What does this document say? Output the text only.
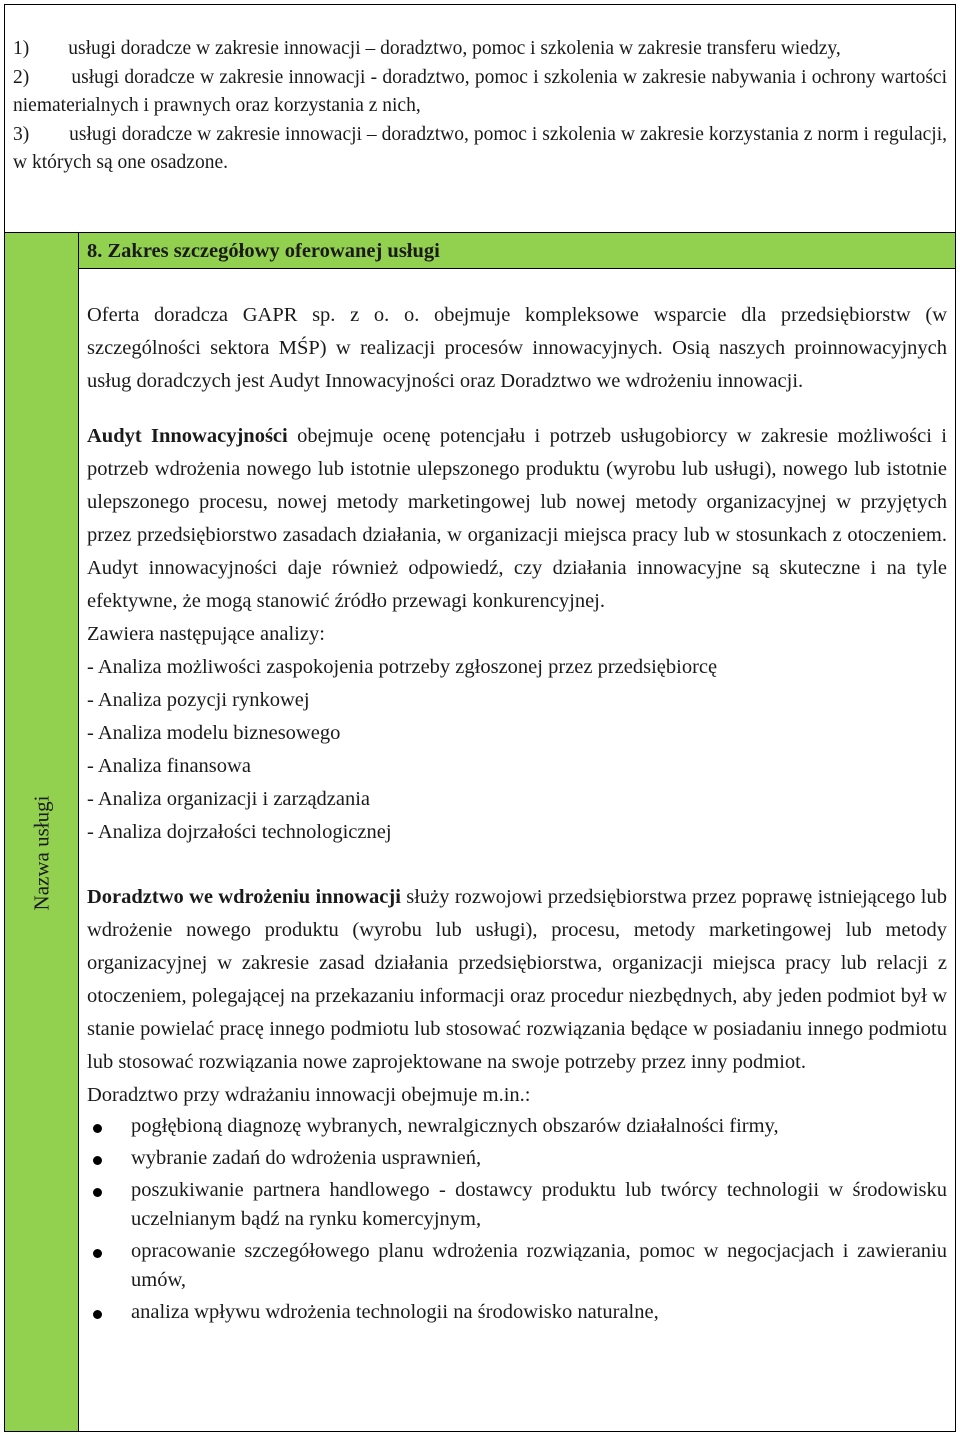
1)        usługi doradcze w zakresie innowacji – doradztwo, pomoc i szkolenia w zakresie transferu wiedzy,

2)        usługi doradcze w zakresie innowacji - doradztwo, pomoc i szkolenia w zakresie nabywania i ochrony wartości niematerialnych i prawnych oraz korzystania z nich,

3)        usługi doradcze w zakresie innowacji – doradztwo, pomoc i szkolenia w zakresie korzystania z norm i regulacji, w których są one osadzone.

Nazwa usługi
8. Zakres szczegółowy oferowanej usługi

Oferta doradcza GAPR sp. z o. o. obejmuje kompleksowe wsparcie dla przedsiębiorstw (w szczególności sektora MŚP) w realizacji procesów innowacyjnych. Osią naszych proinnowacyjnych usług doradczych jest Audyt Innowacyjności oraz Doradztwo we wdrożeniu innowacji.

Audyt Innowacyjności obejmuje ocenę potencjału i potrzeb usługobiorcy w zakresie możliwości i potrzeb wdrożenia nowego lub istotnie ulepszonego produktu (wyrobu lub usługi), nowego lub istotnie ulepszonego procesu, nowej metody marketingowej lub nowej metody organizacyjnej w przyjętych przez przedsiębiorstwo zasadach działania, w organizacji miejsca pracy lub w stosunkach z otoczeniem. Audyt innowacyjności daje również odpowiedź, czy działania innowacyjne są skuteczne i na tyle efektywne, że mogą stanowić źródło przewagi konkurencyjnej.

Zawiera następujące analizy:

- Analiza możliwości zaspokojenia potrzeby zgłoszonej przez przedsiębiorcę
- Analiza pozycji rynkowej
- Analiza modelu biznesowego
- Analiza finansowa
- Analiza organizacji i zarządzania
- Analiza dojrzałości technologicznej

Doradztwo we wdrożeniu innowacji służy rozwojowi przedsiębiorstwa przez poprawę istniejącego lub wdrożenie nowego produktu (wyrobu lub usługi), procesu, metody marketingowej lub metody organizacyjnej w zakresie zasad działania przedsiębiorstwa, organizacji miejsca pracy lub relacji z otoczeniem, polegającej na przekazaniu informacji oraz procedur niezbędnych, aby jeden podmiot był w stanie powielać pracę innego podmiotu lub stosować rozwiązania będące w posiadaniu innego podmiotu lub stosować rozwiązania nowe zaprojektowane na swoje potrzeby przez inny podmiot.

Doradztwo przy wdrażaniu innowacji obejmuje m.in.:

pogłębioną diagnozę wybranych, newralgicznych obszarów działalności firmy,
wybranie zadań do wdrożenia usprawnień,
poszukiwanie partnera handlowego - dostawcy produktu lub twórcy technologii w środowisku uczelnianym bądź na rynku komercyjnym,
opracowanie szczegółowego planu wdrożenia rozwiązania, pomoc w negocjacjach i zawieraniu umów,
analiza wpływu wdrożenia technologii na środowisko naturalne,
